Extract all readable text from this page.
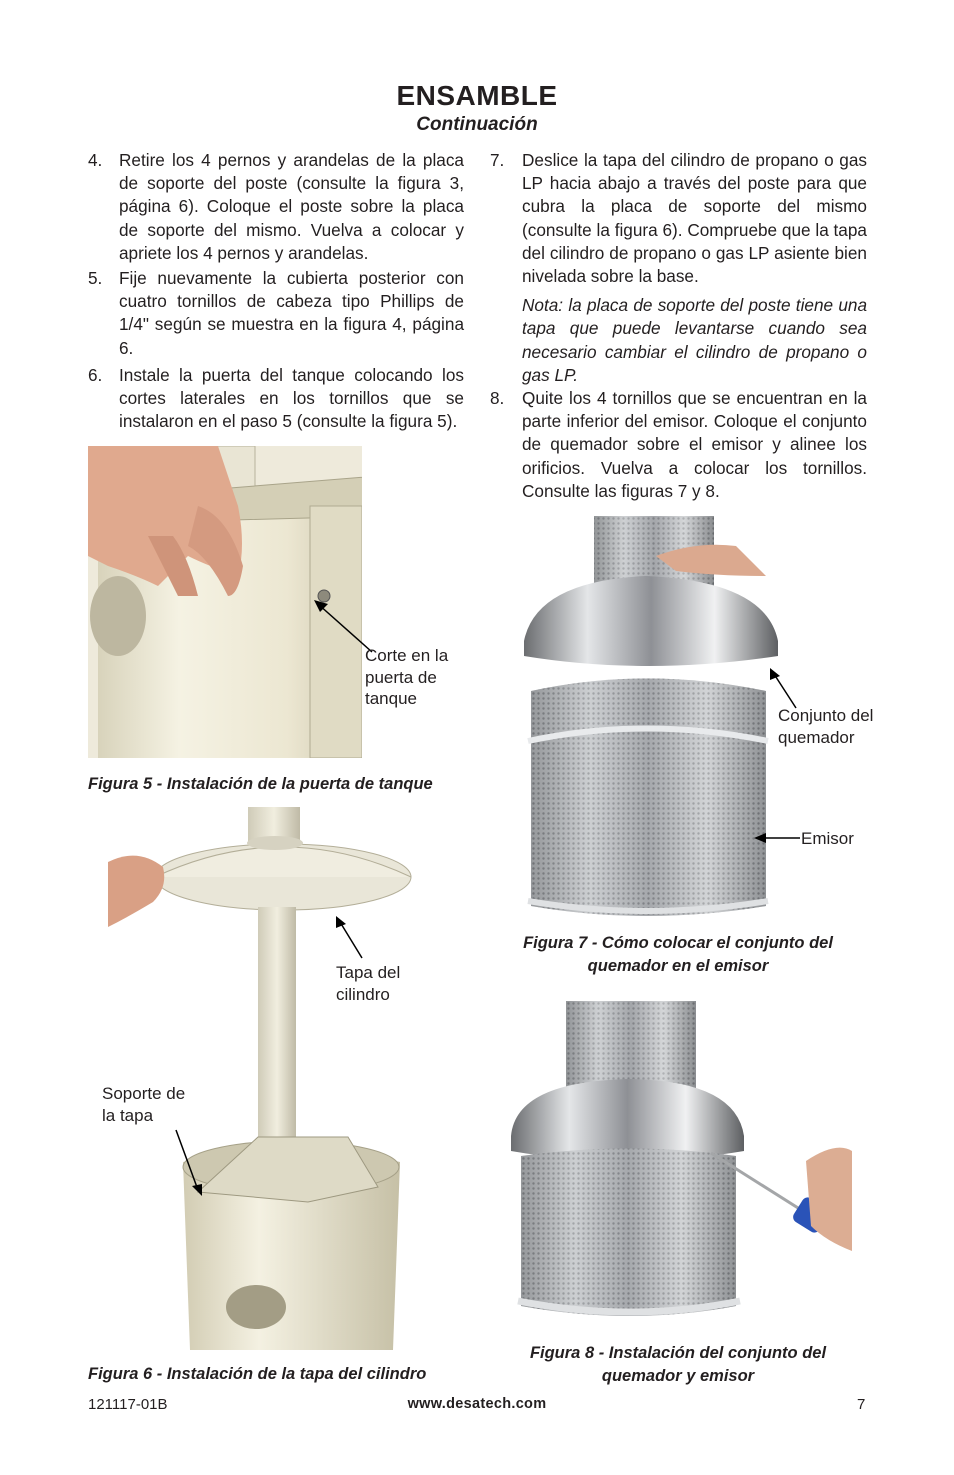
ENSAMBLE
Continuación
4. Retire los 4 pernos y arandelas de la placa de soporte del poste (consulte la figura 3, página 6). Coloque el poste sobre la placa de soporte del mismo. Vuelva a colocar y apriete los 4 pernos y arandelas.
5. Fije nuevamente la cubierta posterior con cuatro tornillos de cabeza tipo Phillips de 1/4" según se muestra en la figura 4, página 6.
6. Instale la puerta del tanque colocando los cortes laterales en los tornillos que se instalaron en el paso 5 (consulte la figura 5).
7. Deslice la tapa del cilindro de propano o gas LP hacia abajo a través del poste para que cubra la placa de soporte del mismo (consulte la figura 6). Compruebe que la tapa del cilindro de propano o gas LP asiente bien nivelada sobre la base.
Nota: la placa de soporte del poste tiene una tapa que puede levantarse cuando sea necesario cambiar el cilindro de propano o gas LP.
8. Quite los 4 tornillos que se encuentran en la parte inferior del emisor. Coloque el conjunto de quemador sobre el emisor y alinee los orificios. Vuelva a colocar los tornillos. Consulte las figuras 7 y 8.
Corte en la puerta de tanque
Figura 5 - Instalación de la puerta de tanque
Tapa del cilindro
Soporte de la tapa
Figura 6 - Instalación de la tapa del cilindro
Conjunto del quemador
Emisor
Figura 7 - Cómo colocar el conjunto del quemador en el emisor
Figura 8 - Instalación del conjunto del quemador y emisor
121117-01B	www.desatech.com	7
